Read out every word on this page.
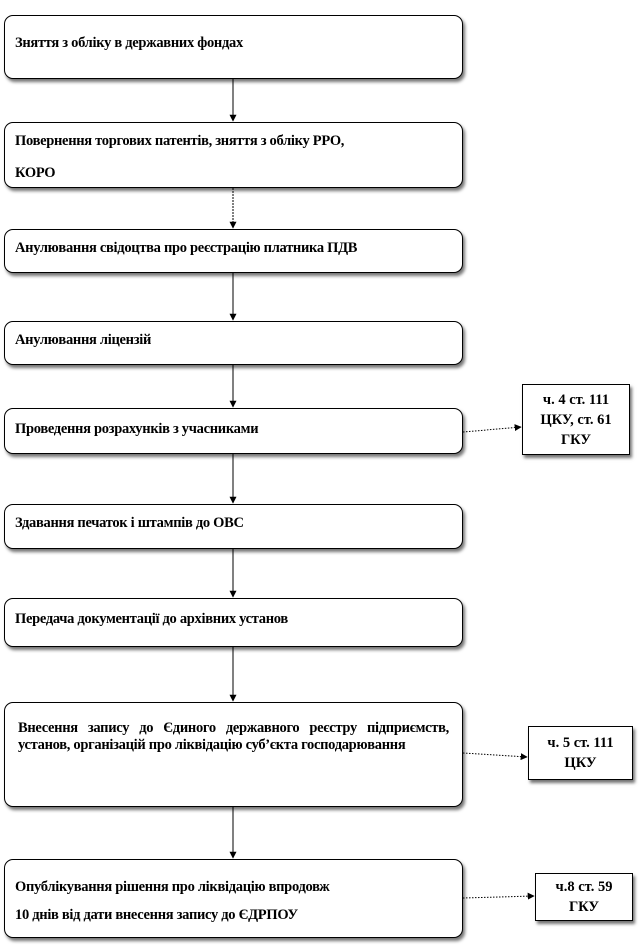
Зняття з обліку в державних фондах
Повернення торгових патентів, зняття з обліку РРО,
КОРО
Анулювання свідоцтва про реєстрацію платника ПДВ
Анулювання ліцензій
Проведення розрахунків з учасниками
Здавання печаток і штампів до ОВС
Передача документації до архівних установ
Внесення запису до Єдиного державного реєстру підприємств, установ, організацій про ліквідацію суб’єкта господарювання
Опублікування рішення про ліквідацію впродовж
10 днів від дати внесення запису до ЄДРПОУ
ч. 4 ст. 111
ЦКУ, ст. 61
ГКУ
ч. 5 ст. 111
ЦКУ
ч.8 ст. 59
ГКУ
